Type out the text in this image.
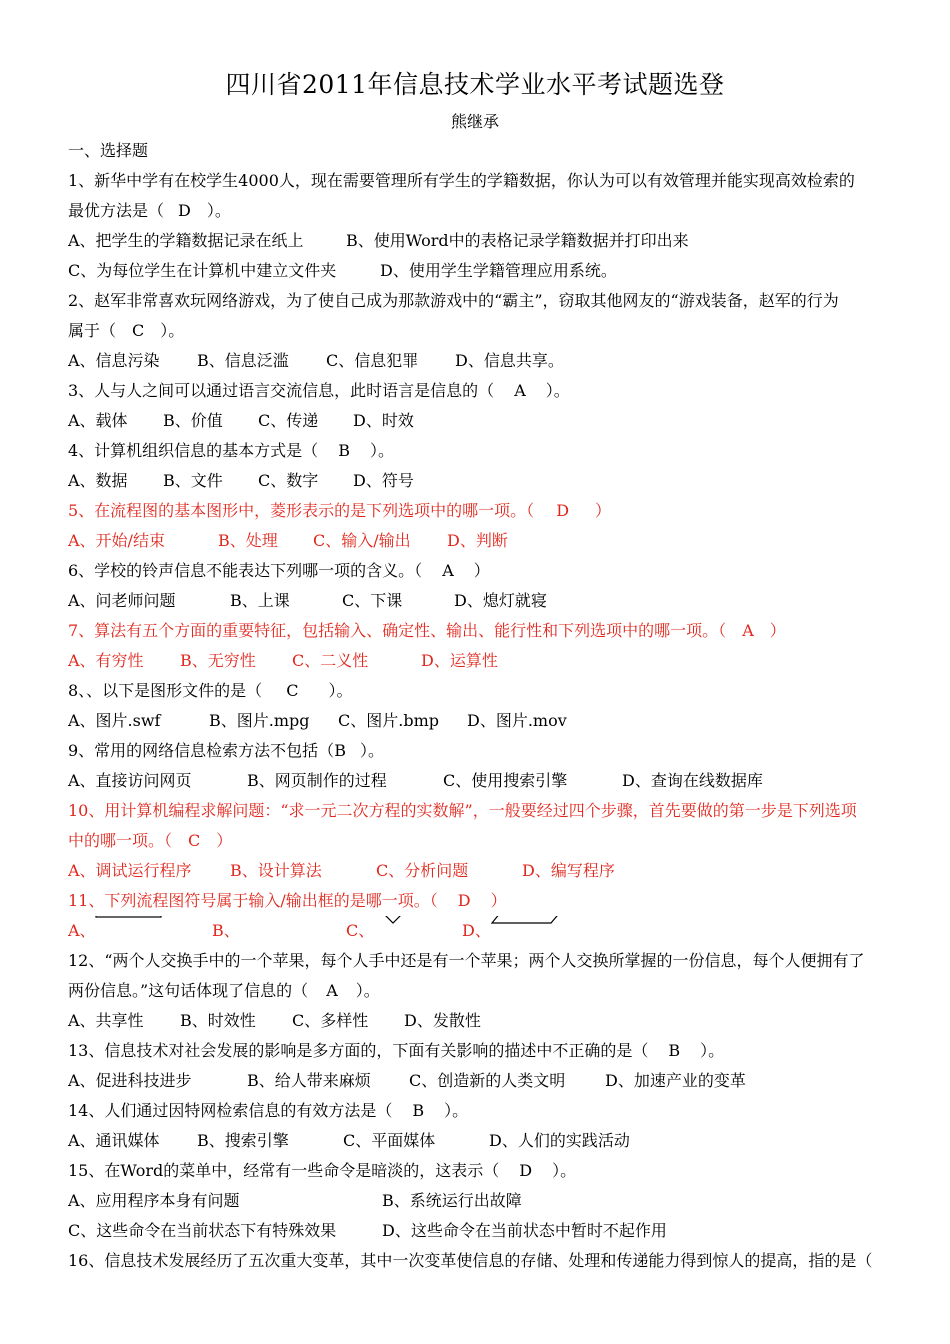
四川省2011年信息技术学业水平考试题选登
熊继承
一、选择题
1、新华中学有在校学生4000人，现在需要管理所有学生的学籍数据，你认为可以有效管理并能实现高效检索的
最优方法是（ D ）。
A、把学生的学籍数据记录在纸上	B、使用Word中的表格记录学籍数据并打印出来
C、为每位学生在计算机中建立文件夹	D、使用学生学籍管理应用系统。
2、赵军非常喜欢玩网络游戏，为了使自己成为那款游戏中的“霸主”，窃取其他网友的“游戏装备，赵军的行为
属于（ C ）。
A、信息污染 B、信息泛滥 C、信息犯罪 D、信息共享。
3、人与人之间可以通过语言交流信息，此时语言是信息的（ A ）。
A、载体 B、价值 C、传递 D、时效
4、计算机组织信息的基本方式是（ B ）。
A、数据 B、文件 C、数字 D、符号
5、在流程图的基本图形中，菱形表示的是下列选项中的哪一项。（ D ）
A、开始/结束	B、处理 C、输入/输出 D、判断
6、学校的铃声信息不能表达下列哪一项的含义。（ A ）
A、问老师问题	B、上课	C、下课	D、熄灯就寝
7、算法有五个方面的重要特征，包括输入、确定性、输出、能行性和下列选项中的哪一项。（ A ）
A、有穷性 B、无穷性 C、二义性	D、运算性
8、、以下是图形文件的是（ C ）。
A、图片.swf	B、图片.mpg C、图片.bmp D、图片.mov
9、常用的网络信息检索方法不包括（B ）。
A、直接访问网页	B、网页制作的过程	C、使用搜索引擎	D、查询在线数据库
10、用计算机编程求解问题：“求一元二次方程的实数解”，一般要经过四个步骤，首先要做的第一步是下列选项
中的哪一项。（ C ）
A、调试运行程序 B、设计算法	C、分析问题	D、编写程序
11、下列流程图符号属于输入/输出框的是哪一项。（ D ）
A、	B、	C、	D、
12、“两个人交换手中的一个苹果，每个人手中还是有一个苹果；两个人交换所掌握的一份信息，每个人便拥有了
两份信息。”这句话体现了信息的（ A ）。
A、共享性 B、时效性 C、多样性 D、发散性
13、信息技术对社会发展的影响是多方面的，下面有关影响的描述中不正确的是（ B ）。
A、促进科技进步	B、给人带来麻烦 C、创造新的人类文明 D、加速产业的变革
14、人们通过因特网检索信息的有效方法是（ B ）。
A、通讯媒体 B、搜索引擎	C、平面媒体	D、人们的实践活动
15、在Word的菜单中，经常有一些命令是暗淡的，这表示（ D ）。
A、应用程序本身有问题	B、系统运行出故障
C、这些命令在当前状态下有特殊效果	D、这些命令在当前状态中暂时不起作用
16、信息技术发展经历了五次重大变革，其中一次变革使信息的存储、处理和传递能力得到惊人的提高，指的是（
